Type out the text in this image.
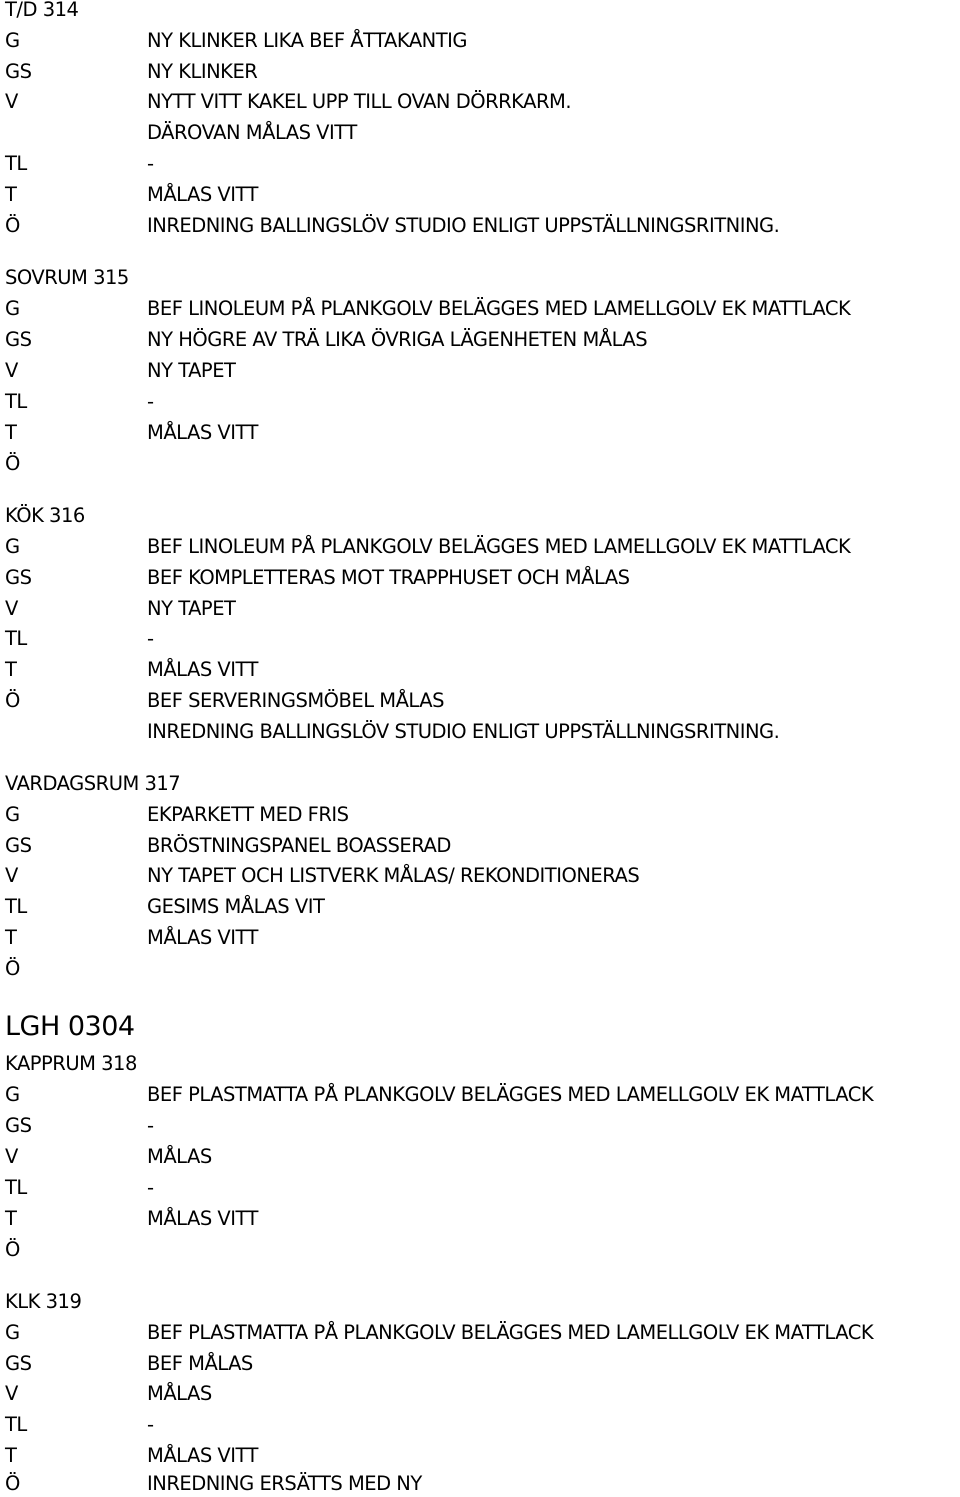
T/D 314
G	NY KLINKER LIKA BEF ÅTTAKANTIG
GS	NY KLINKER
V	NYTT VITT KAKEL UPP TILL OVAN DÖRRKARM.
DÄROVAN MÅLAS VITT
TL	-
T	MÅLAS VITT
Ö	INREDNING BALLINGSLÖV STUDIO ENLIGT UPPSTÄLLNINGSRITNING.
SOVRUM 315
G	BEF LINOLEUM PÅ PLANKGOLV BELÄGGES MED LAMELLGOLV EK MATTLACK
GS	NY HÖGRE AV TRÄ LIKA ÖVRIGA LÄGENHETEN MÅLAS
V	NY TAPET
TL	-
T	MÅLAS VITT
Ö
KÖK 316
G	BEF LINOLEUM PÅ PLANKGOLV BELÄGGES MED LAMELLGOLV EK MATTLACK
GS	BEF KOMPLETTERAS MOT TRAPPHUSET OCH MÅLAS
V	NY TAPET
TL	-
T	MÅLAS VITT
Ö	BEF SERVERINGSMÖBEL MÅLAS
INREDNING BALLINGSLÖV STUDIO ENLIGT UPPSTÄLLNINGSRITNING.
VARDAGSRUM 317
G	EKPARKETT MED FRIS
GS	BRÖSTNINGSPANEL BOASSERAD
V	NY TAPET OCH LISTVERK MÅLAS/ REKONDITIONERAS
TL	GESIMS MÅLAS VIT
T	MÅLAS VITT
Ö
LGH 0304
KAPPRUM 318
G	BEF PLASTMATTA PÅ PLANKGOLV BELÄGGES MED LAMELLGOLV EK MATTLACK
GS	-
V	MÅLAS
TL	-
T	MÅLAS VITT
Ö
KLK 319
G	BEF PLASTMATTA PÅ PLANKGOLV BELÄGGES MED LAMELLGOLV EK MATTLACK
GS	BEF MÅLAS
V	MÅLAS
TL	-
T	MÅLAS VITT
Ö	INREDNING ERSÄTTS MED NY
